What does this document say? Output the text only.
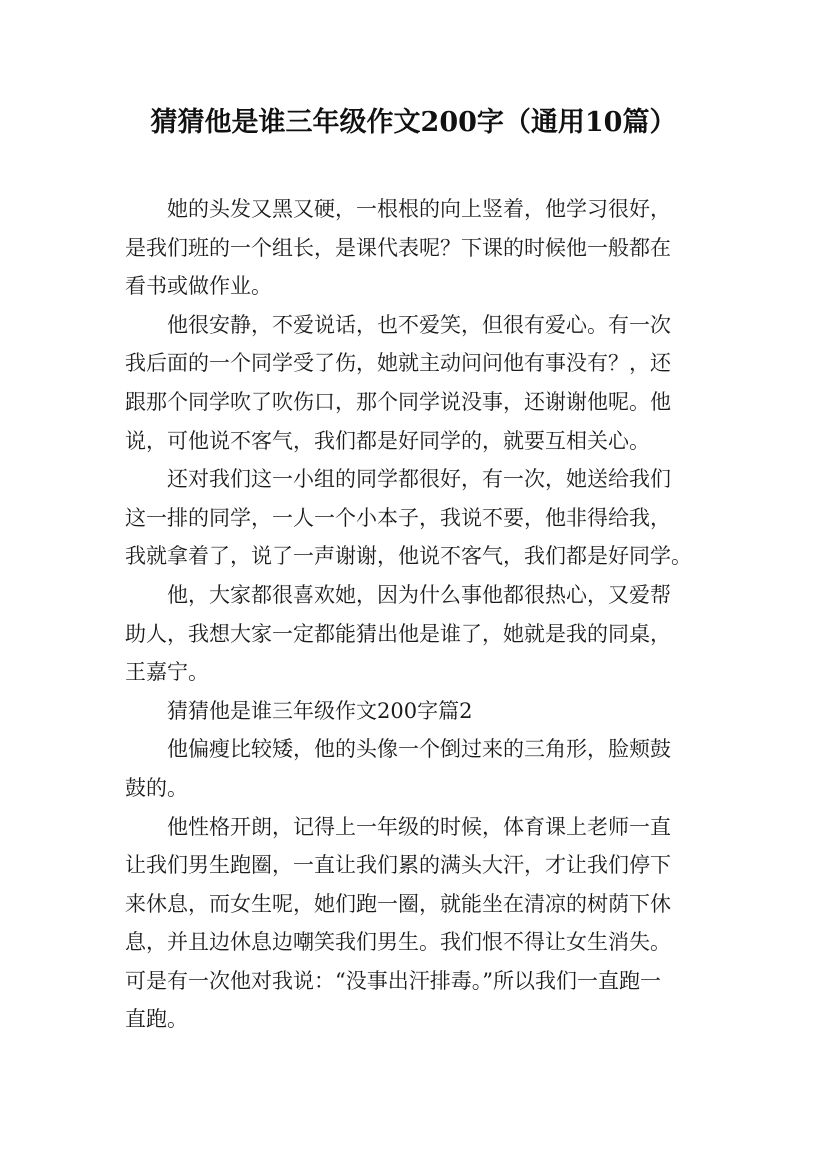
猜猜他是谁三年级作文200字（通用10篇）

她的头发又黑又硬，一根根的向上竖着，他学习很好，
是我们班的一个组长，是课代表呢？下课的时候他一般都在
看书或做作业。

他很安静，不爱说话，也不爱笑，但很有爱心。有一次
我后面的一个同学受了伤，她就主动问问他有事没有？，还
跟那个同学吹了吹伤口，那个同学说没事，还谢谢他呢。他
说，可他说不客气，我们都是好同学的，就要互相关心。

还对我们这一小组的同学都很好，有一次，她送给我们
这一排的同学，一人一个小本子，我说不要，他非得给我，
我就拿着了，说了一声谢谢，他说不客气，我们都是好同学。

他，大家都很喜欢她，因为什么事他都很热心，又爱帮
助人，我想大家一定都能猜出他是谁了，她就是我的同桌，
王嘉宁。

猜猜他是谁三年级作文200字篇2

他偏瘦比较矮，他的头像一个倒过来的三角形，脸颊鼓
鼓的。

他性格开朗，记得上一年级的时候，体育课上老师一直
让我们男生跑圈，一直让我们累的满头大汗，才让我们停下
来休息，而女生呢，她们跑一圈，就能坐在清凉的树荫下休
息，并且边休息边嘲笑我们男生。我们恨不得让女生消失。
可是有一次他对我说：“没事出汗排毒。”所以我们一直跑一
直跑。
